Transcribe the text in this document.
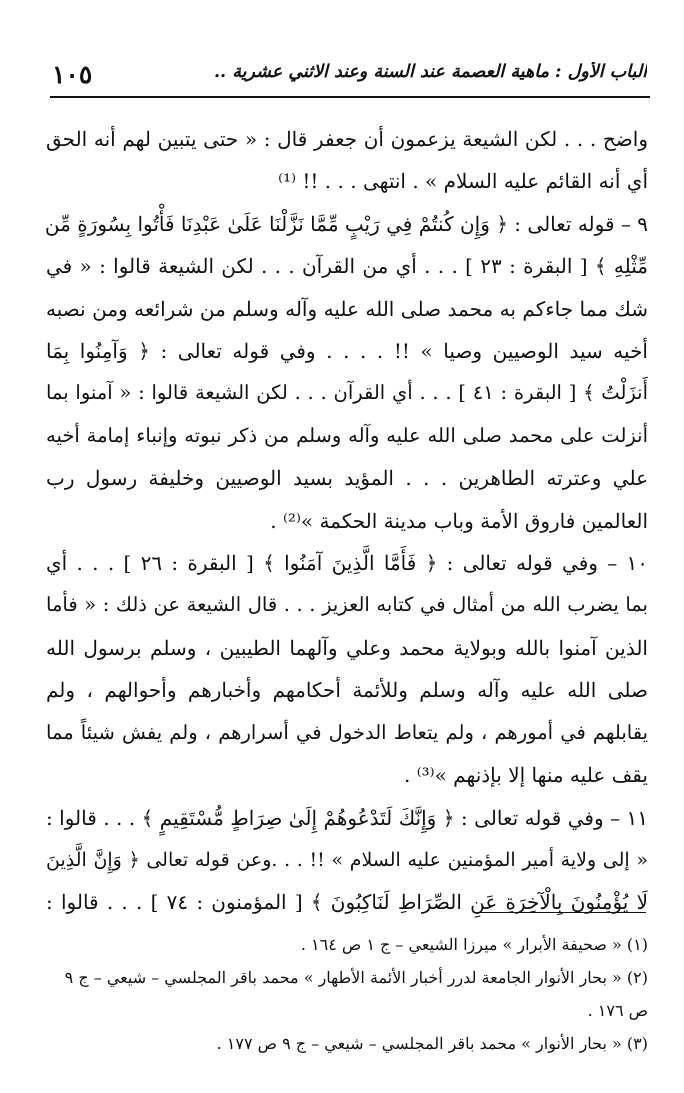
الباب الأول : ماهية العصمة عند السنة وعند الاثني عشرية ..
١٠٥
واضح . . . لكن الشيعة يزعمون أن جعفر قال : « حتى يتبين لهم أنه الحق
أي أنه القائم عليه السلام » . انتهى . . . !! ⁽¹⁾
٩ – قوله تعالى : ﴿ وَإِن كُنتُمْ فِي رَيْبٍ مِّمَّا نَزَّلْنَا عَلَىٰ عَبْدِنَا فَأْتُوا بِسُورَةٍ مِّن
مِّثْلِهِ ﴾ [ البقرة : ٢٣ ] . . . أي من القرآن . . . لكن الشيعة قالوا : « في
شك مما جاءكم به محمد صلى الله عليه وآله وسلم من شرائعه ومن نصبه
أخيه سيد الوصيين وصيا » !! . . . . وفي قوله تعالى : ﴿ وَآمِنُوا بِمَا
أَنزَلْتُ ﴾ [ البقرة : ٤١ ] . . . أي القرآن . . . لكن الشيعة قالوا : « آمنوا بما
أنزلت على محمد صلى الله عليه وآله وسلم من ذكر نبوته وإنباء إمامة أخيه
علي وعترته الطاهرين . . . المؤيد بسيد الوصيين وخليفة رسول رب
العالمين فاروق الأمة وباب مدينة الحكمة »⁽²⁾ .
١٠ – وفي قوله تعالى : ﴿ فَأَمَّا الَّذِينَ آمَنُوا ﴾ [ البقرة : ٢٦ ] . . . أي
بما يضرب الله من أمثال في كتابه العزيز . . . قال الشيعة عن ذلك : « فأما
الذين آمنوا بالله وبولاية محمد وعلي وآلهما الطيبين ، وسلم برسول الله
صلى الله عليه وآله وسلم وللأئمة أحكامهم وأخبارهم وأحوالهم ، ولم
يقابلهم في أمورهم ، ولم يتعاط الدخول في أسرارهم ، ولم يفش شيئاً مما
يقف عليه منها إلا بإذنهم »⁽³⁾ .
١١ – وفي قوله تعالى : ﴿ وَإِنَّكَ لَتَدْعُوهُمْ إِلَىٰ صِرَاطٍ مُّسْتَقِيمٍ ﴾ . . . قالوا :
« إلى ولاية أمير المؤمنين عليه السلام » !! . . .وعن قوله تعالى ﴿ وَإِنَّ الَّذِينَ
لَا يُؤْمِنُونَ بِالْآخِرَةِ عَنِ الصِّرَاطِ لَنَاكِبُونَ ﴾ [ المؤمنون : ٧٤ ] . . . قالوا :
(١) « صحيفة الأبرار » ميرزا الشيعي – ج ١ ص ١٦٤ .
(٢) « بحار الأنوار الجامعة لدرر أخبار الأئمة الأطهار » محمد باقر المجلسي – شيعي – ج ٩
ص ١٧٦ .
(٣) « بحار الأنوار » محمد باقر المجلسي – شيعي – ج ٩ ص ١٧٧ .
